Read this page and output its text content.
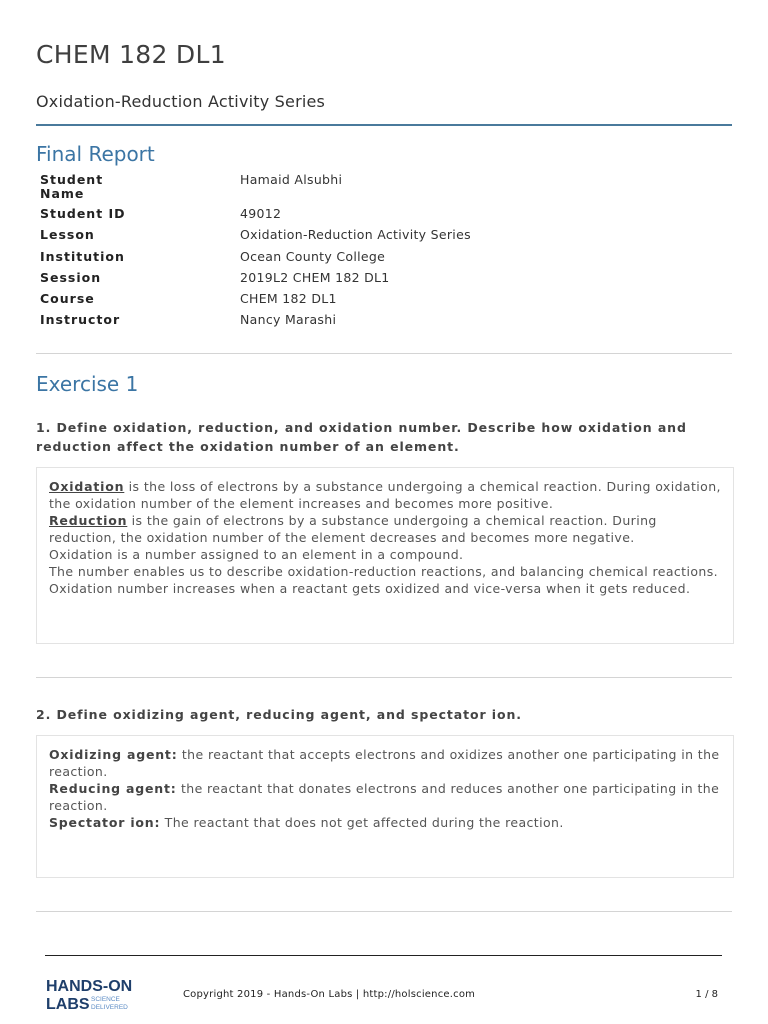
CHEM 182 DL1
Oxidation-Reduction Activity Series
Final Report
Student Name	Hamaid Alsubhi
Student ID	49012
Lesson	Oxidation-Reduction Activity Series
Institution	Ocean County College
Session	2019L2 CHEM 182 DL1
Course	CHEM 182 DL1
Instructor	Nancy Marashi
Exercise 1
1. Define oxidation, reduction, and oxidation number. Describe how oxidation and reduction affect the oxidation number of an element.
Oxidation is the loss of electrons by a substance undergoing a chemical reaction. During oxidation, the oxidation number of the element increases and becomes more positive.
Reduction is the gain of electrons by a substance undergoing a chemical reaction. During reduction, the oxidation number of the element decreases and becomes more negative.
Oxidation is a number assigned to an element in a compound.
The number enables us to describe oxidation-reduction reactions, and balancing chemical reactions. Oxidation number increases when a reactant gets oxidized and vice-versa when it gets reduced.
2. Define oxidizing agent, reducing agent, and spectator ion.
Oxidizing agent: the reactant that accepts electrons and oxidizes another one participating in the reaction.
Reducing agent: the reactant that donates electrons and reduces another one participating in the reaction.
Spectator ion: The reactant that does not get affected during the reaction.
HANDS-ON
LABS SCIENCE
DELIVERED
Copyright 2019 - Hands-On Labs | http://holscience.com	1 / 8
